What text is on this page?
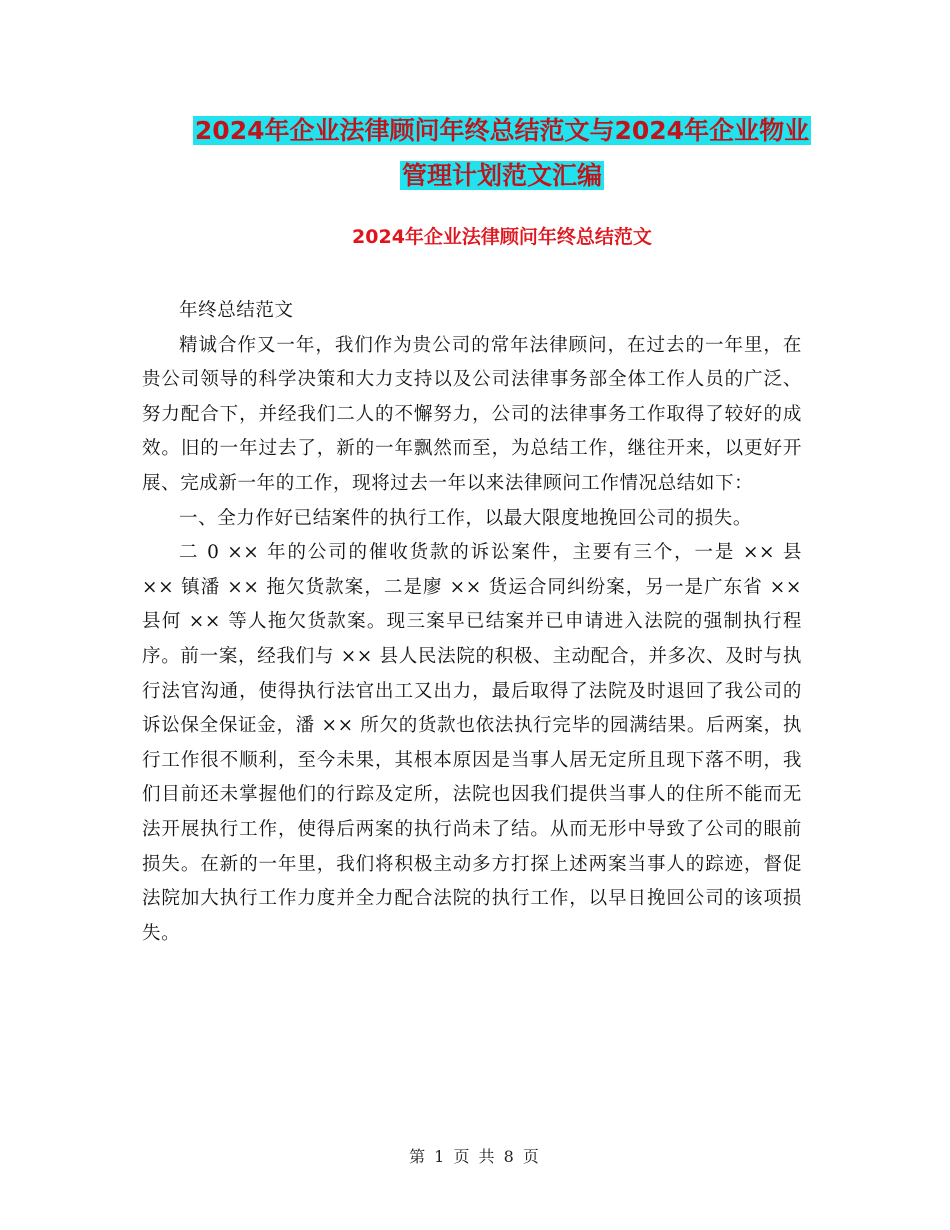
2024年企业法律顾问年终总结范文与2024年企业物业
管理计划范文汇编
2024年企业法律顾问年终总结范文

年终总结范文

精诚合作又一年，我们作为贵公司的常年法律顾问，在过去的一年里，在贵公司领导的科学决策和大力支持以及公司法律事务部全体工作人员的广泛、努力配合下，并经我们二人的不懈努力，公司的法律事务工作取得了较好的成效。旧的一年过去了，新的一年飘然而至，为总结工作，继往开来，以更好开展、完成新一年的工作，现将过去一年以来法律顾问工作情况总结如下：

一、全力作好已结案件的执行工作，以最大限度地挽回公司的损失。

二 0 ×× 年的公司的催收货款的诉讼案件，主要有三个，一是 ×× 县 ×× 镇潘 ×× 拖欠货款案，二是廖 ×× 货运合同纠纷案，另一是广东省 ×× 县何 ×× 等人拖欠货款案。现三案早已结案并已申请进入法院的强制执行程序。前一案，经我们与 ×× 县人民法院的积极、主动配合，并多次、及时与执行法官沟通，使得执行法官出工又出力，最后取得了法院及时退回了我公司的诉讼保全保证金，潘 ×× 所欠的货款也依法执行完毕的园满结果。后两案，执行工作很不顺利，至今未果，其根本原因是当事人居无定所且现下落不明，我们目前还未掌握他们的行踪及定所，法院也因我们提供当事人的住所不能而无法开展执行工作，使得后两案的执行尚未了结。从而无形中导致了公司的眼前损失。在新的一年里，我们将积极主动多方打探上述两案当事人的踪迹，督促法院加大执行工作力度并全力配合法院的执行工作，以早日挽回公司的该项损失。

第 1 页 共 8 页
